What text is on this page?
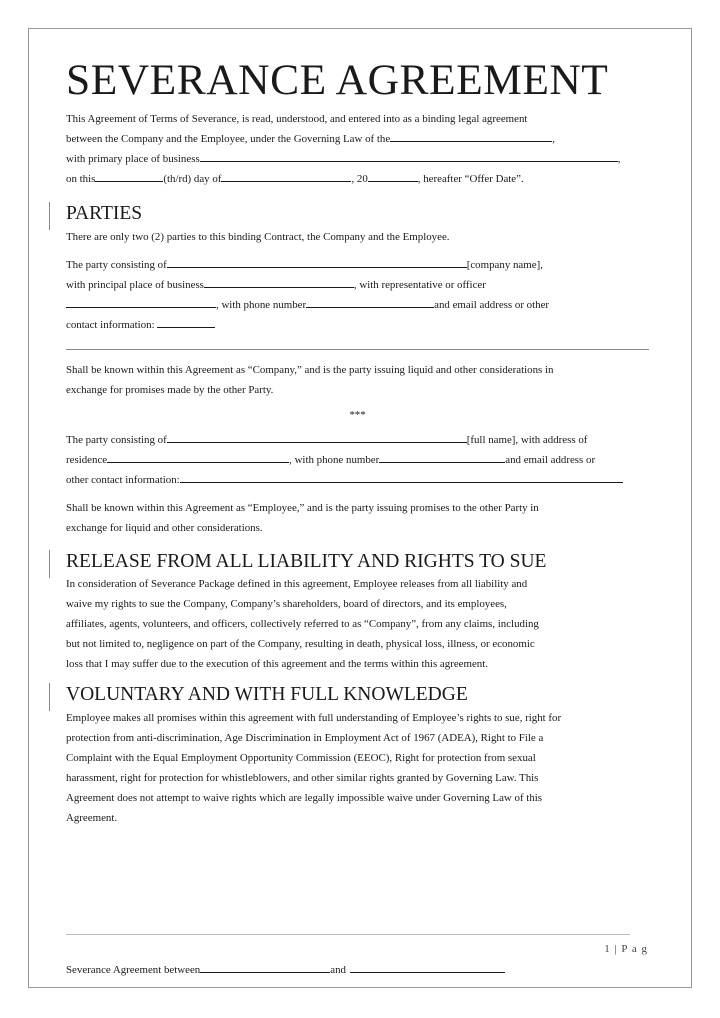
SEVERANCE AGREEMENT

This Agreement of Terms of Severance, is read, understood, and entered into as a binding legal agreement

between the Company and the Employee, under the Governing Law of the	,

with primary place of business	,

on this	(th/rd) day of	, 20	, hereafter “Offer Date”.

PARTIES

There are only two (2) parties to this binding Contract, the Company and the Employee.

The party consisting of	[company name],

with principal place of business	, with representative or officer

, with phone number	and email address or other

contact information:

Shall be known within this Agreement as “Company,” and is the party issuing liquid and other considerations in

exchange for promises made by the other Party.

***

The party consisting of	[full name], with address of

residence	, with phone number	and email address or

other contact information:

Shall be known within this Agreement as “Employee,” and is the party issuing promises to the other Party in

exchange for liquid and other considerations.

RELEASE FROM ALL LIABILITY AND RIGHTS TO SUE

In consideration of Severance Package defined in this agreement, Employee releases from all liability and

waive my rights to sue the Company, Company’s shareholders, board of directors, and its employees,

affiliates, agents, volunteers, and officers, collectively referred to as “Company”, from any claims, including

but not limited to, negligence on part of the Company, resulting in death, physical loss, illness, or economic

loss that I may suffer due to the execution of this agreement and the terms within this agreement.

VOLUNTARY AND WITH FULL KNOWLEDGE

Employee makes all promises within this agreement with full understanding of Employee’s rights to sue, right for

protection from anti-discrimination, Age Discrimination in Employment Act of 1967 (ADEA), Right to File a

Complaint with the Equal Employment Opportunity Commission (EEOC), Right for protection from sexual

harassment, right for protection for whistleblowers, and other similar rights granted by Governing Law. This

Agreement does not attempt to waive rights which are legally impossible waive under Governing Law of this

Agreement.

1 | P a g
Severance Agreement between	and
